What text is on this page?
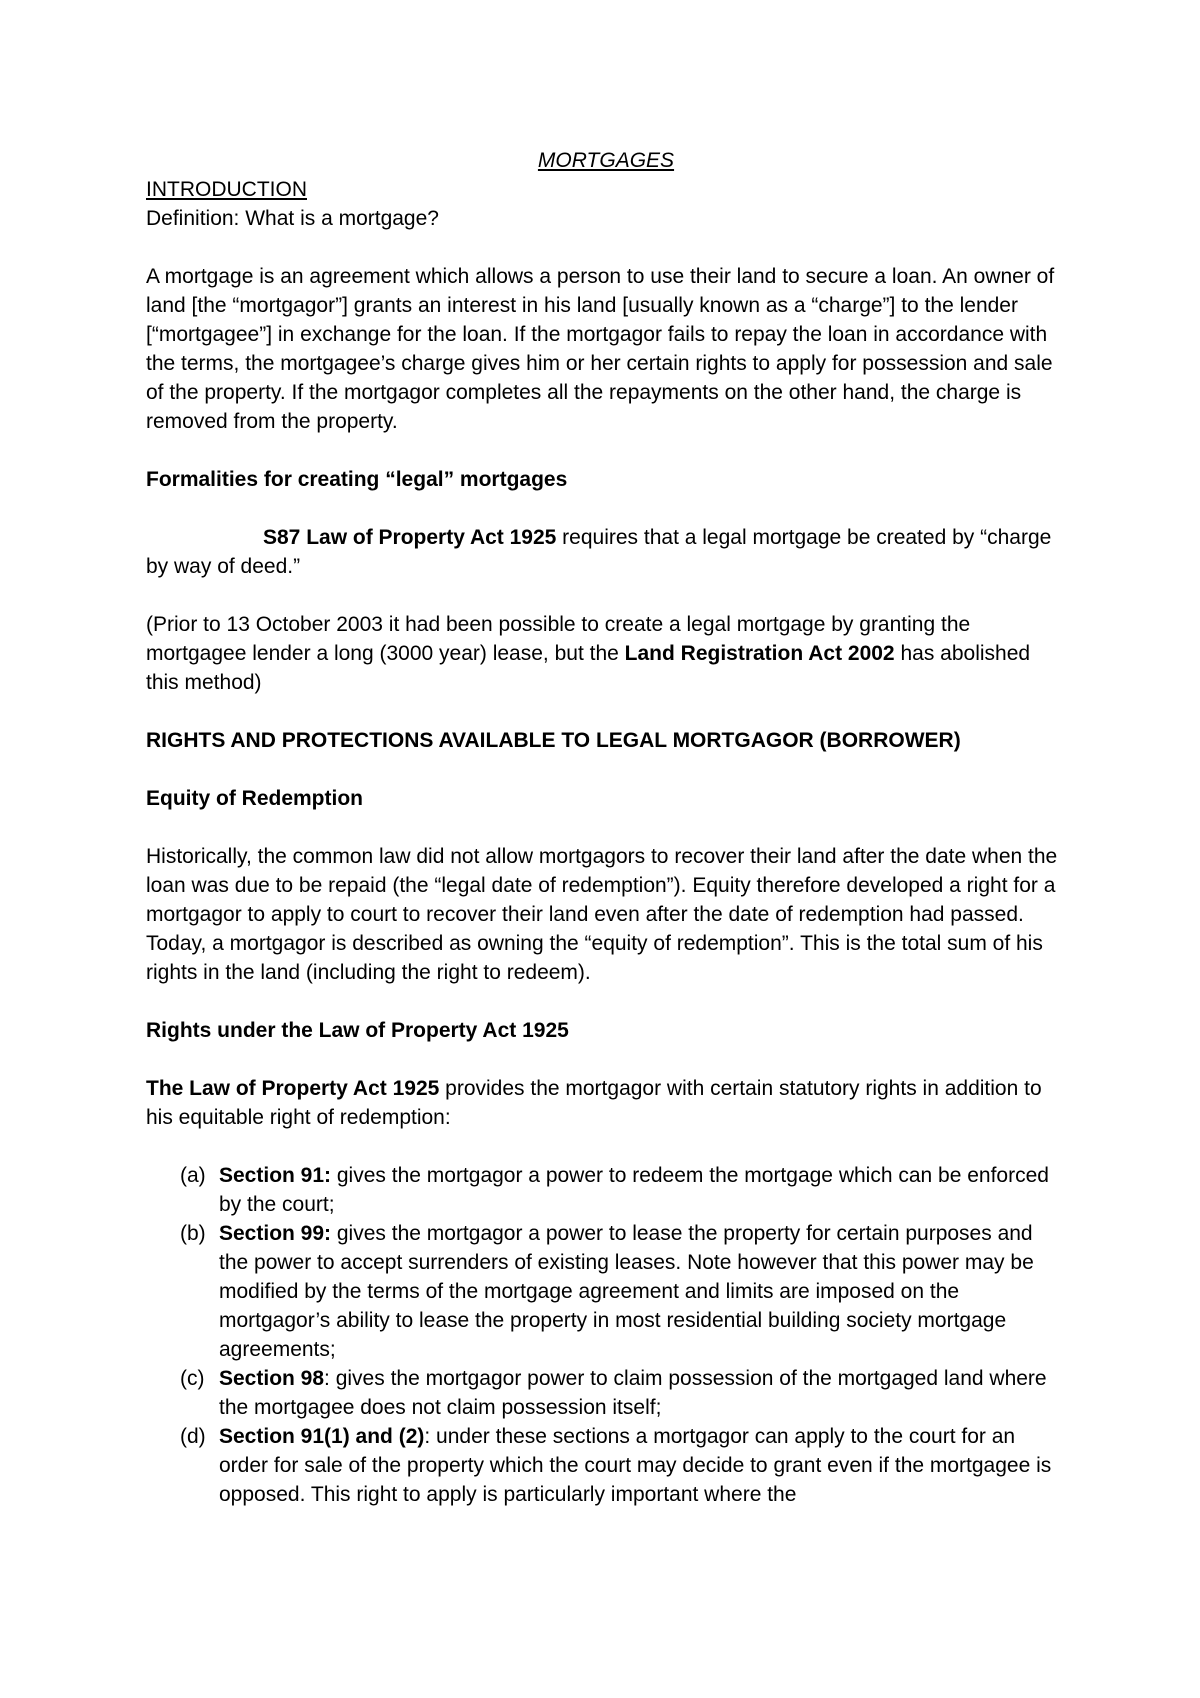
MORTGAGES

INTRODUCTION

Definition: What is a mortgage?

A mortgage is an agreement which allows a person to use their land to secure a loan. An owner of land [the “mortgagor”] grants an interest in his land [usually known as a “charge”] to the lender [“mortgagee”] in exchange for the loan. If the mortgagor fails to repay the loan in accordance with the terms, the mortgagee’s charge gives him or her certain rights to apply for possession and sale of the property. If the mortgagor completes all the repayments on the other hand, the charge is removed from the property.

Formalities for creating “legal” mortgages

S87 Law of Property Act 1925 requires that a legal mortgage be created by “charge by way of deed.”

(Prior to 13 October 2003 it had been possible to create a legal mortgage by granting the mortgagee lender a long (3000 year) lease, but the Land Registration Act 2002 has abolished this method)

RIGHTS AND PROTECTIONS AVAILABLE TO LEGAL MORTGAGOR (BORROWER)

Equity of Redemption

Historically, the common law did not allow mortgagors to recover their land after the date when the loan was due to be repaid (the “legal date of redemption”). Equity therefore developed a right for a mortgagor to apply to court to recover their land even after the date of redemption had passed. Today, a mortgagor is described as owning the “equity of redemption”. This is the total sum of his rights in the land (including the right to redeem).

Rights under the Law of Property Act 1925

The Law of Property Act 1925 provides the mortgagor with certain statutory rights in addition to his equitable right of redemption:

(a) Section 91: gives the mortgagor a power to redeem the mortgage which can be enforced by the court;
(b) Section 99: gives the mortgagor a power to lease the property for certain purposes and the power to accept surrenders of existing leases. Note however that this power may be modified by the terms of the mortgage agreement and limits are imposed on the mortgagor’s ability to lease the property in most residential building society mortgage agreements;
(c) Section 98: gives the mortgagor power to claim possession of the mortgaged land where the mortgagee does not claim possession itself;
(d) Section 91(1) and (2): under these sections a mortgagor can apply to the court for an order for sale of the property which the court may decide to grant even if the mortgagee is opposed. This right to apply is particularly important where the
